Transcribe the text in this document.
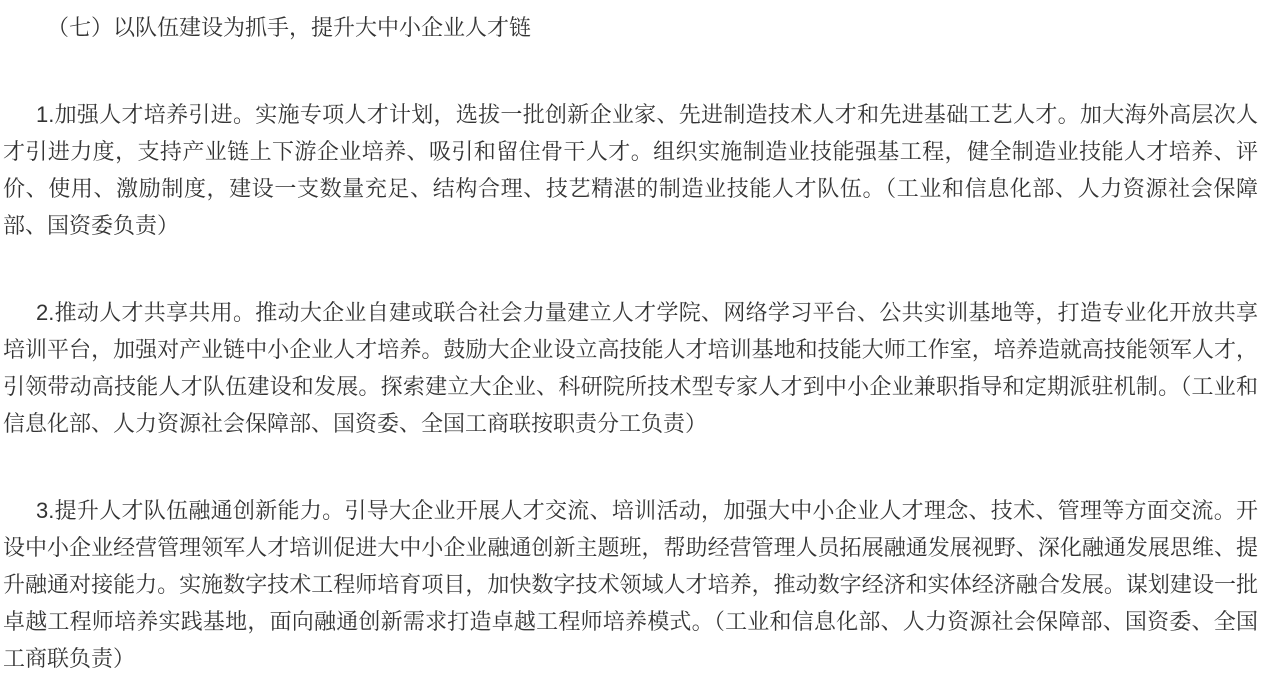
（七）以队伍建设为抓手，提升大中小企业人才链

1.加强人才培养引进。实施专项人才计划，选拔一批创新企业家、先进制造技术人才和先进基础工艺人才。加大海外高层次人才引进力度，支持产业链上下游企业培养、吸引和留住骨干人才。组织实施制造业技能强基工程，健全制造业技能人才培养、评价、使用、激励制度，建设一支数量充足、结构合理、技艺精湛的制造业技能人才队伍。（工业和信息化部、人力资源社会保障部、国资委负责）

2.推动人才共享共用。推动大企业自建或联合社会力量建立人才学院、网络学习平台、公共实训基地等，打造专业化开放共享培训平台，加强对产业链中小企业人才培养。鼓励大企业设立高技能人才培训基地和技能大师工作室，培养造就高技能领军人才，引领带动高技能人才队伍建设和发展。探索建立大企业、科研院所技术型专家人才到中小企业兼职指导和定期派驻机制。（工业和信息化部、人力资源社会保障部、国资委、全国工商联按职责分工负责）

3.提升人才队伍融通创新能力。引导大企业开展人才交流、培训活动，加强大中小企业人才理念、技术、管理等方面交流。开设中小企业经营管理领军人才培训促进大中小企业融通创新主题班，帮助经营管理人员拓展融通发展视野、深化融通发展思维、提升融通对接能力。实施数字技术工程师培育项目，加快数字技术领域人才培养，推动数字经济和实体经济融合发展。谋划建设一批卓越工程师培养实践基地，面向融通创新需求打造卓越工程师培养模式。（工业和信息化部、人力资源社会保障部、国资委、全国工商联负责）
